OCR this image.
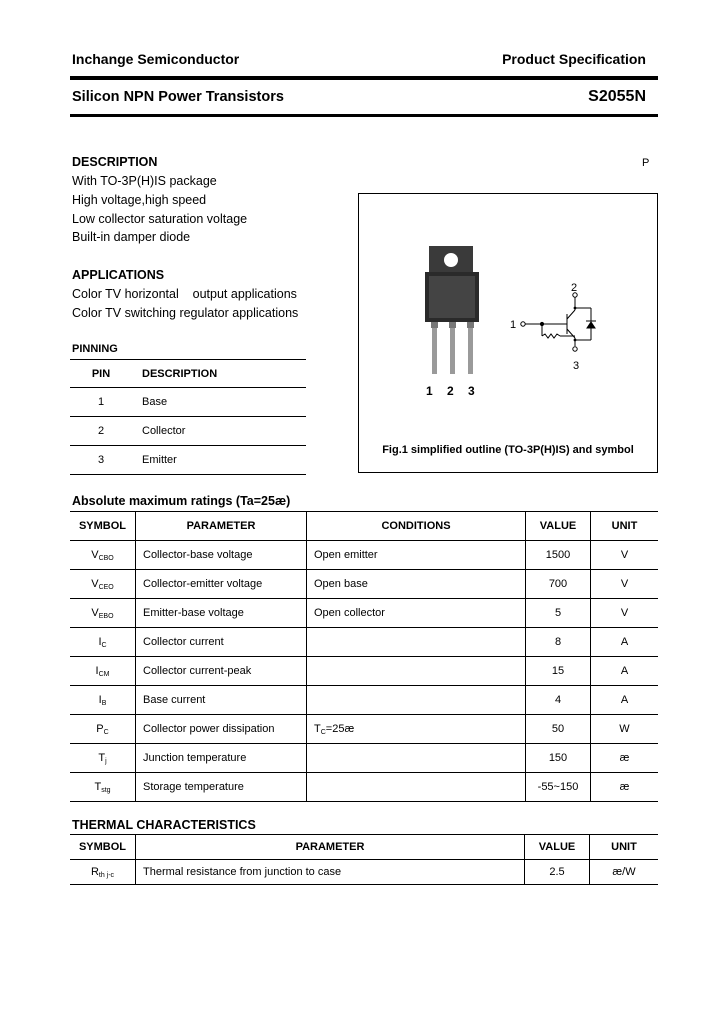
Inchange Semiconductor	Product Specification
Silicon NPN Power Transistors	S2055N
DESCRIPTION	P
With TO-3P(H)IS package
High voltage,high speed
Low collector saturation voltage
Built-in damper diode
APPLICATIONS
Color TV horizontal    output applications
Color TV switching regulator applications
PINNING
PIN	DESCRIPTION
1	Base
2	Collector
3	Emitter
1 2 3
1
2
3
Fig.1 simplified outline (TO-3P(H)IS) and symbol
Absolute maximum ratings (Ta=25æ)
SYMBOL	PARAMETER	CONDITIONS	VALUE	UNIT
$V_{CBO}$	Collector-base voltage	Open emitter	1500	V
$V_{CEO}$	Collector-emitter voltage	Open base	700	V
$V_{EBO}$	Emitter-base voltage	Open collector	5	V
$I_C$	Collector current		8	A
$I_{CM}$	Collector current-peak		15	A
$I_B$	Base current		4	A
$P_C$	Collector power dissipation	$T_C=25æ$	50	W
$T_j$	Junction temperature		150	æ
$T_{stg}$	Storage temperature		-55~150	æ
THERMAL CHARACTERISTICS
SYMBOL	PARAMETER	VALUE	UNIT
$R_{th j-c}$	Thermal resistance from junction to case	2.5	æ/W
